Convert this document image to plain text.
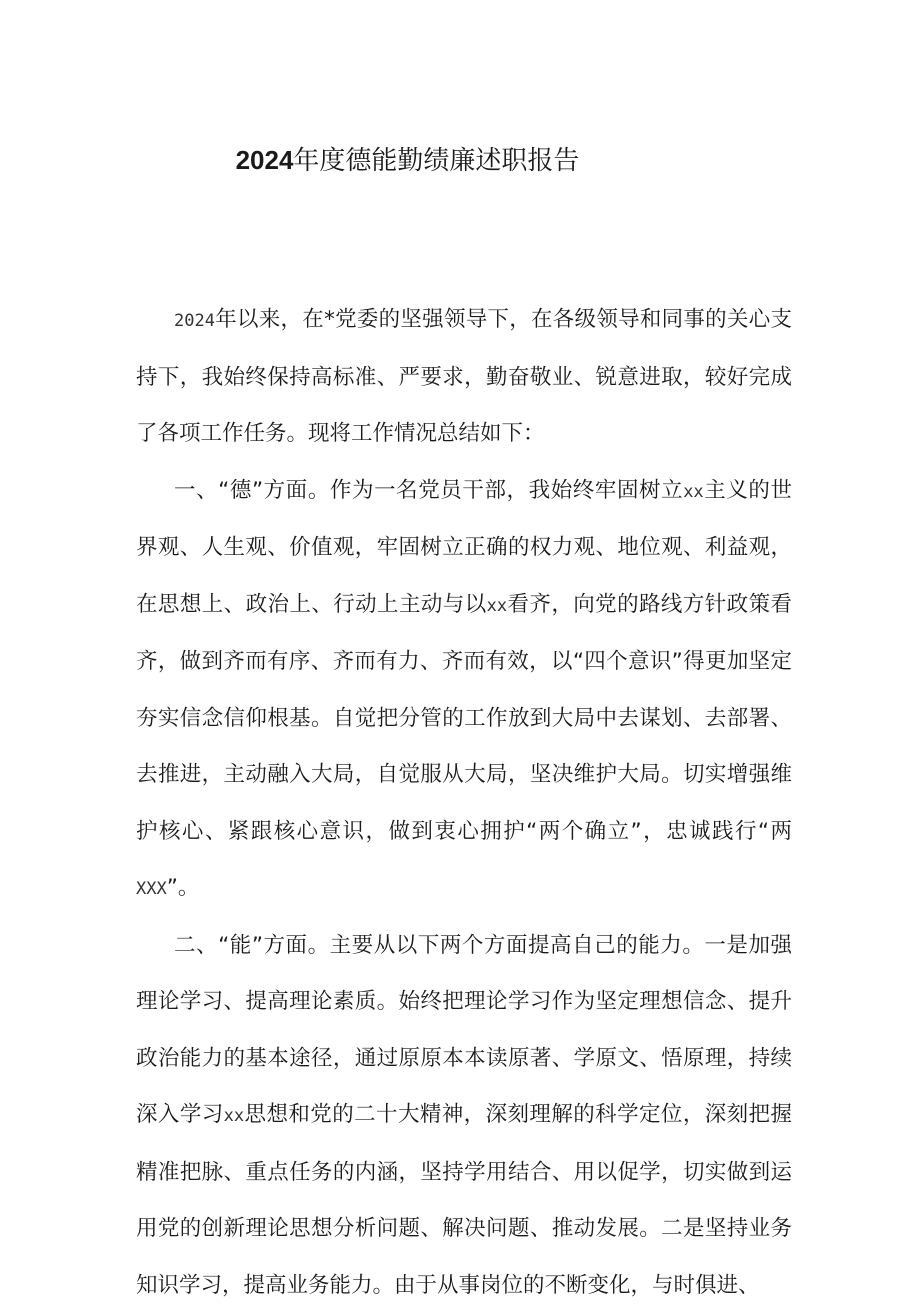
2024年度德能勤绩廉述职报告

2024年以来，在*党委的坚强领导下，在各级领导和同事的关心支持下，我始终保持高标准、严要求，勤奋敬业、锐意进取，较好完成了各项工作任务。现将工作情况总结如下：

一、“德”方面。作为一名党员干部，我始终牢固树立xx主义的世界观、人生观、价值观，牢固树立正确的权力观、地位观、利益观，在思想上、政治上、行动上主动与以xx看齐，向党的路线方针政策看齐，做到齐而有序、齐而有力、齐而有效，以“四个意识”得更加坚定夯实信念信仰根基。自觉把分管的工作放到大局中去谋划、去部署、去推进，主动融入大局，自觉服从大局，坚决维护大局。切实增强维护核心、紧跟核心意识，做到衷心拥护“两个确立”，忠诚践行“两XXX”。

二、“能”方面。主要从以下两个方面提高自己的能力。一是加强理论学习、提高理论素质。始终把理论学习作为坚定理想信念、提升政治能力的基本途径，通过原原本本读原著、学原文、悟原理，持续深入学习xx思想和党的二十大精神，深刻理解的科学定位，深刻把握精准把脉、重点任务的内涵，坚持学用结合、用以促学，切实做到运用党的创新理论思想分析问题、解决问题、推动发展。二是坚持业务知识学习，提高业务能力。由于从事岗位的不断变化，与时俱进、
